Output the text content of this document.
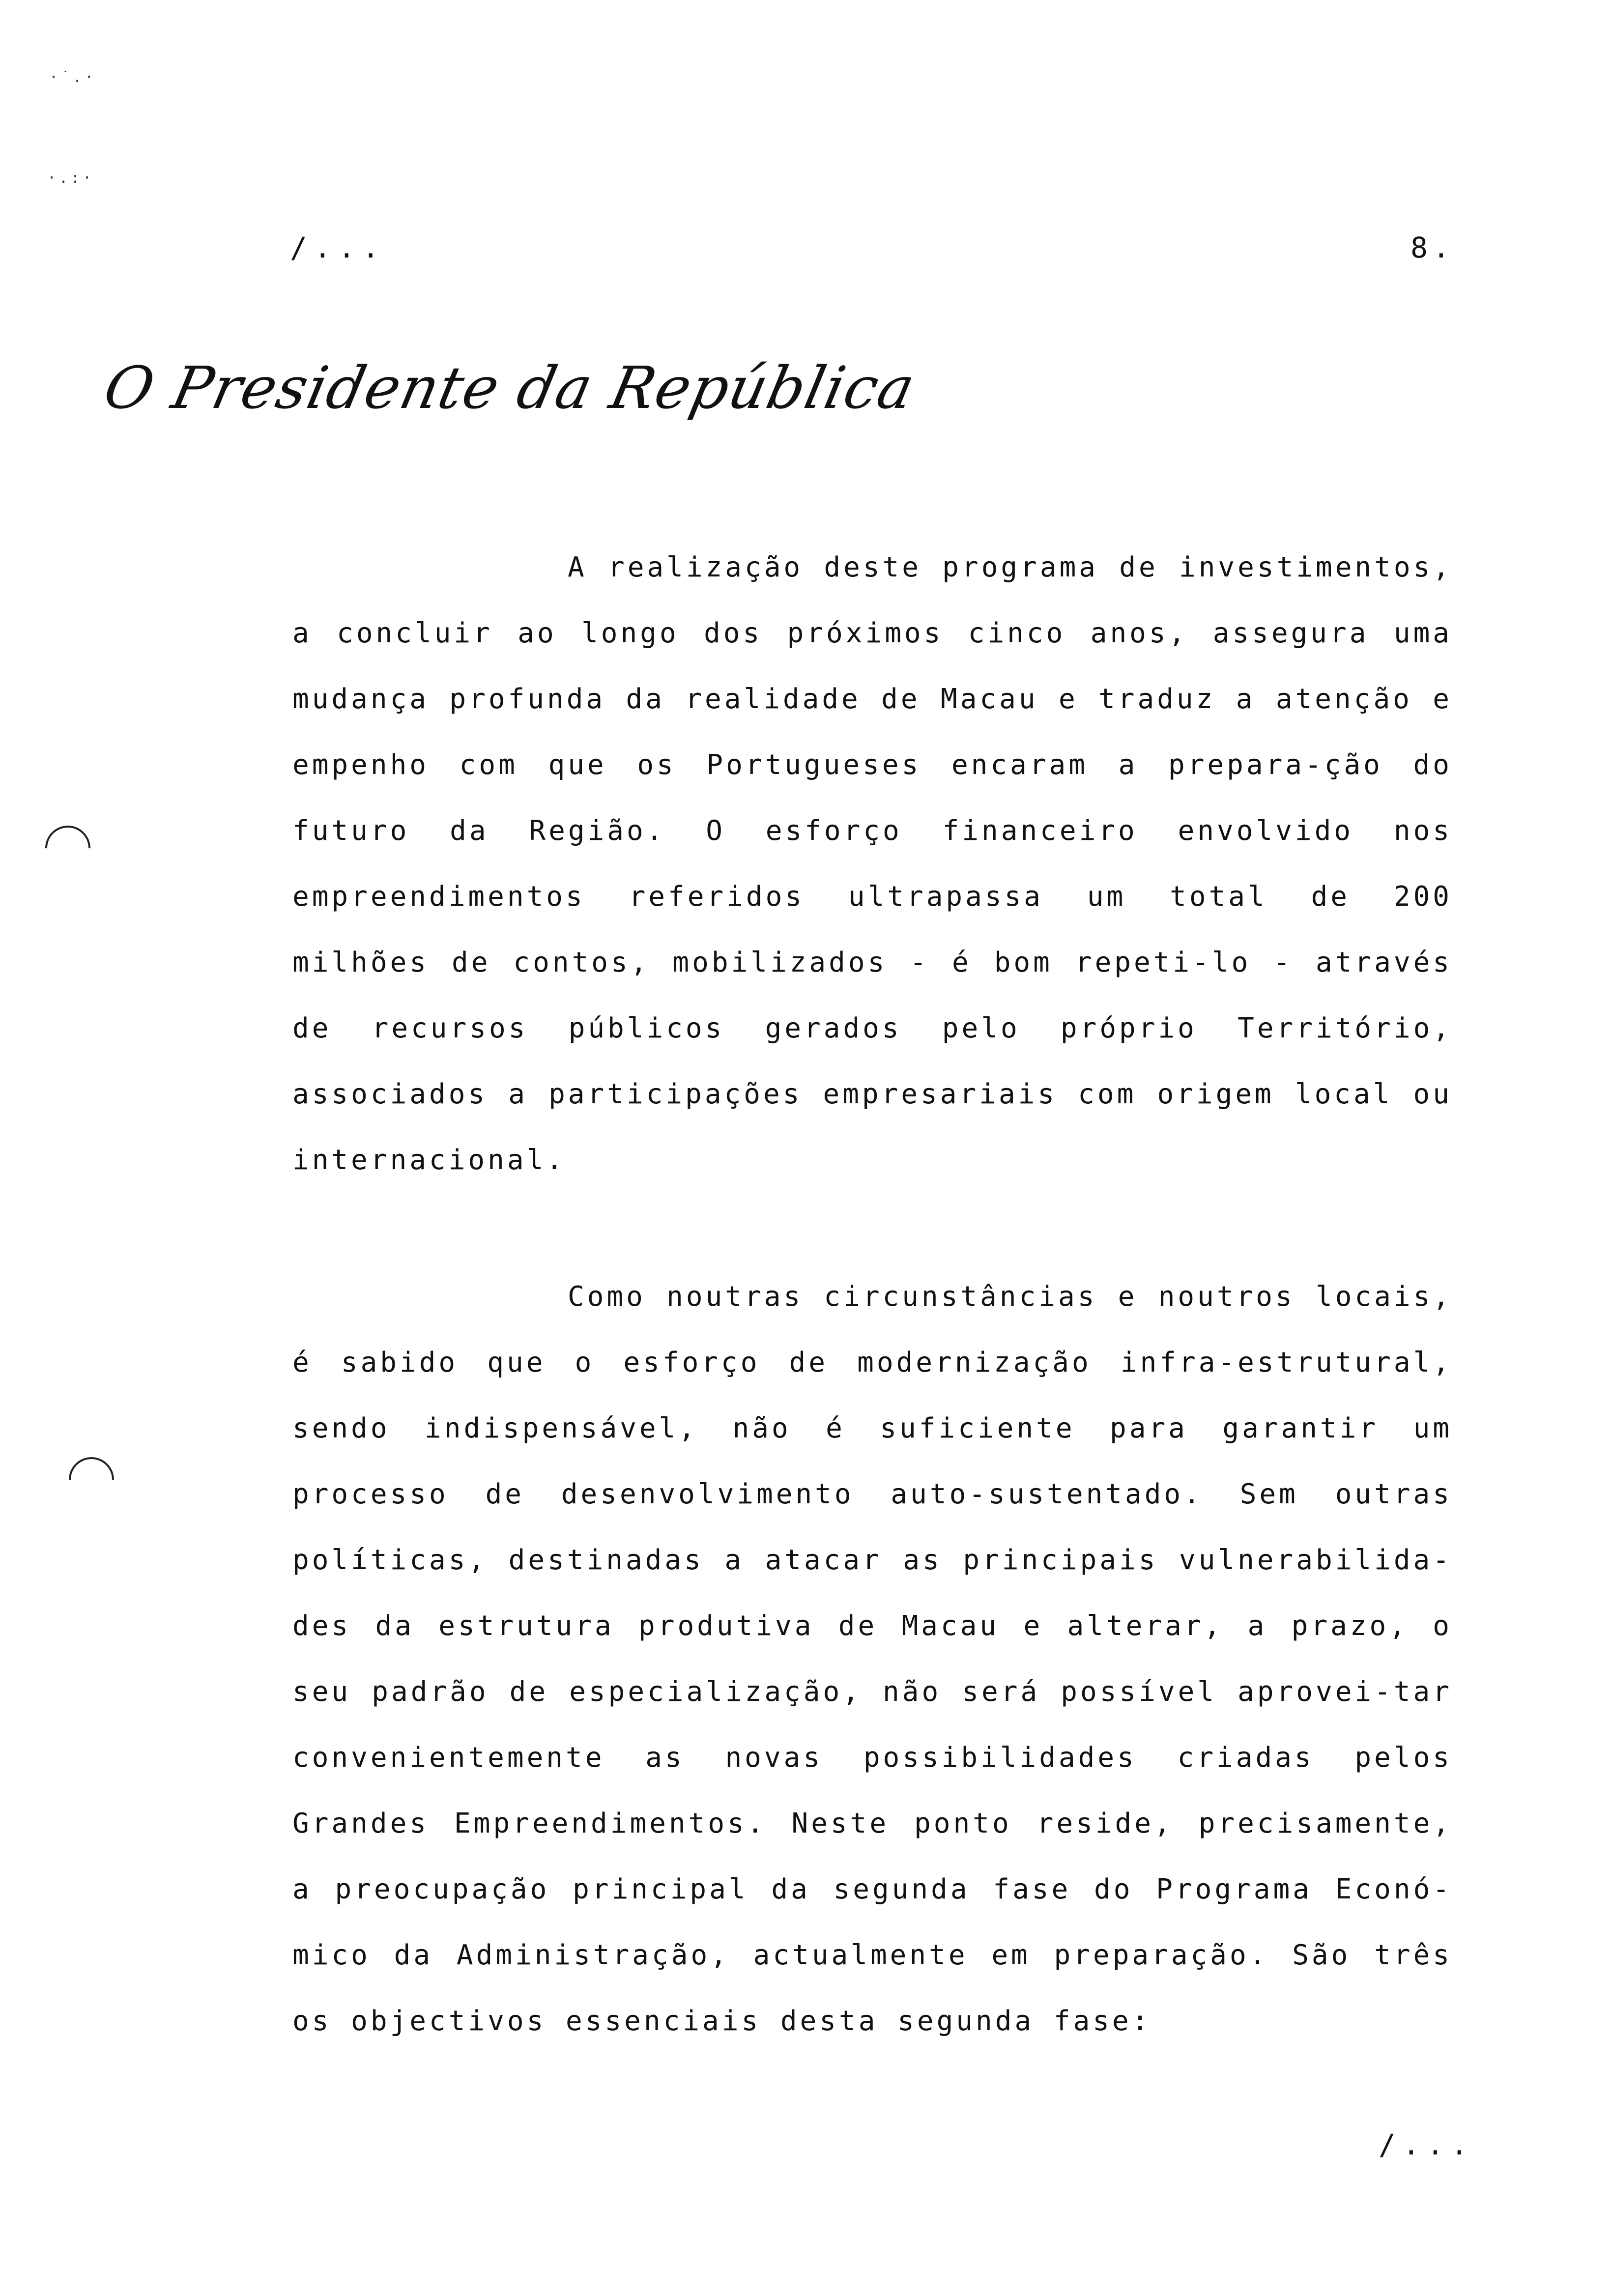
·˙.·
·.:·
/...	8.
O Presidente da República

A realização deste programa de investimentos, a concluir ao longo dos próximos cinco anos, assegura uma mudança profunda da realidade de Macau e traduz a atenção e empenho com que os Portugueses encaram a prepara-ção do futuro da Região. O esforço financeiro envolvido nos empreendimentos referidos ultrapassa um total de 200 milhões de contos, mobilizados - é bom repeti-lo - através de recursos públicos gerados pelo próprio Território, associados a participações empresariais com origem local ou internacional.

Como noutras circunstâncias e noutros locais, é sabido que o esforço de modernização infra-estrutural, sendo indispensável, não é suficiente para garantir um processo de desenvolvimento auto-sustentado. Sem outras políticas, destinadas a atacar as principais vulnerabilida-des da estrutura produtiva de Macau e alterar, a prazo, o seu padrão de especialização, não será possível aprovei-tar convenientemente as novas possibilidades criadas pelos Grandes Empreendimentos. Neste ponto reside, precisamente, a preocupação principal da segunda fase do Programa Econó-mico da Administração, actualmente em preparação. São três os objectivos essenciais desta segunda fase:

/...
